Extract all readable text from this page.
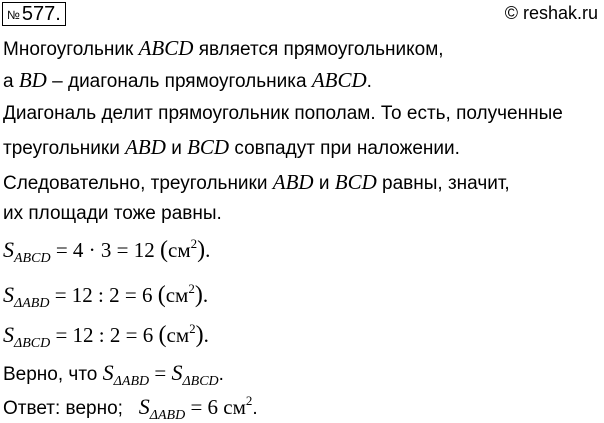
№ 577.	© reshak.ru
Многоугольник ABCD является прямоугольником,
а BD – диагональ прямоугольника ABCD.
Диагональ делит прямоугольник пополам. То есть, полученные
треугольники ABD и BCD совпадут при наложении.
Следовательно, треугольники ABD и BCD равны, значит,
их площади тоже равны.
$S_{ABCD} = 4 \cdot 3 = 12$ $(см^2)$.
$S_{\Delta ABD} = 12$ : 2 = 6 $(см^2)$.
$S_{\Delta BCD} = 12$ : 2 = 6 $(см^2)$.
Верно, что $S_{\Delta ABD} = S_{\Delta BCD}$.
Ответ: верно;   $S_{\Delta ABD} = 6$ $см^2$.
